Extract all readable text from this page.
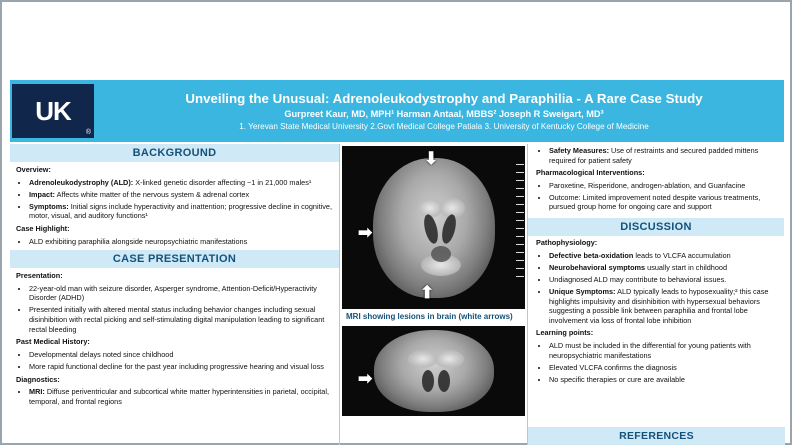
Unveiling the Unusual: Adrenoleukodystrophy and Paraphilia - A Rare Case Study

Gurpreet Kaur, MD, MPH¹ Harman Antaal, MBBS² Joseph R Sweigart, MD³

1. Yerevan State Medical University 2.Govt Medical College Patiala 3. University of Kentucky College of Medicine

UK
®
BACKGROUND

Overview:

• Adrenoleukodystrophy (ALD): X-linked genetic disorder affecting ~1 in 21,000 males¹
• Impact: Affects white matter of the nervous system & adrenal cortex
• Symptoms: Initial signs include hyperactivity and inattention; progressive decline in cognitive, motor, visual, and auditory functions¹

Case Highlight:

• ALD exhibiting paraphilia alongside neuropsychiatric manifestations
CASE PRESENTATION

Presentation:

• 22-year-old man with seizure disorder, Asperger syndrome, Attention-Deficit/Hyperactivity Disorder (ADHD)
• Presented initially with altered mental status including behavior changes including sexual disinhibition with rectal picking and self-stimulating digital manipulation leading to significant rectal bleeding

Past Medical History:

• Developmental delays noted since childhood
• More rapid functional decline for the past year including progressive hearing and visual loss

Diagnostics:

• MRI: Diffuse periventricular and subcortical white matter hyperintensities in parietal, occipital, temporal, and frontal regions
⬇
➡
⬆
MRI showing lesions in brain (white arrows)
➡
• Safety Measures: Use of restraints and secured padded mittens required for patient safety

Pharmacological Interventions:

• Paroxetine, Risperidone, androgen-ablation, and Guanfacine
• Outcome: Limited improvement noted despite various treatments, pursued group home for ongoing care and support
DISCUSSION

Pathophysiology:

• Defective beta-oxidation leads to VLCFA accumulation
• Neurobehavioral symptoms usually start in childhood
• Undiagnosed ALD may contribute to behavioral issues.
• Unique Symptoms: ALD typically leads to hyposexuality;² this case highlights impulsivity and disinhibition with hypersexual behaviors suggesting a possible link between paraphilia and frontal lobe involvement via loss of frontal lobe inhibition

Learning points:

• ALD must be included in the differential for young patients with neuropsychiatric manifestations
• Elevated VLCFA confirms the diagnosis
• No specific therapies or cure are available
REFERENCES
